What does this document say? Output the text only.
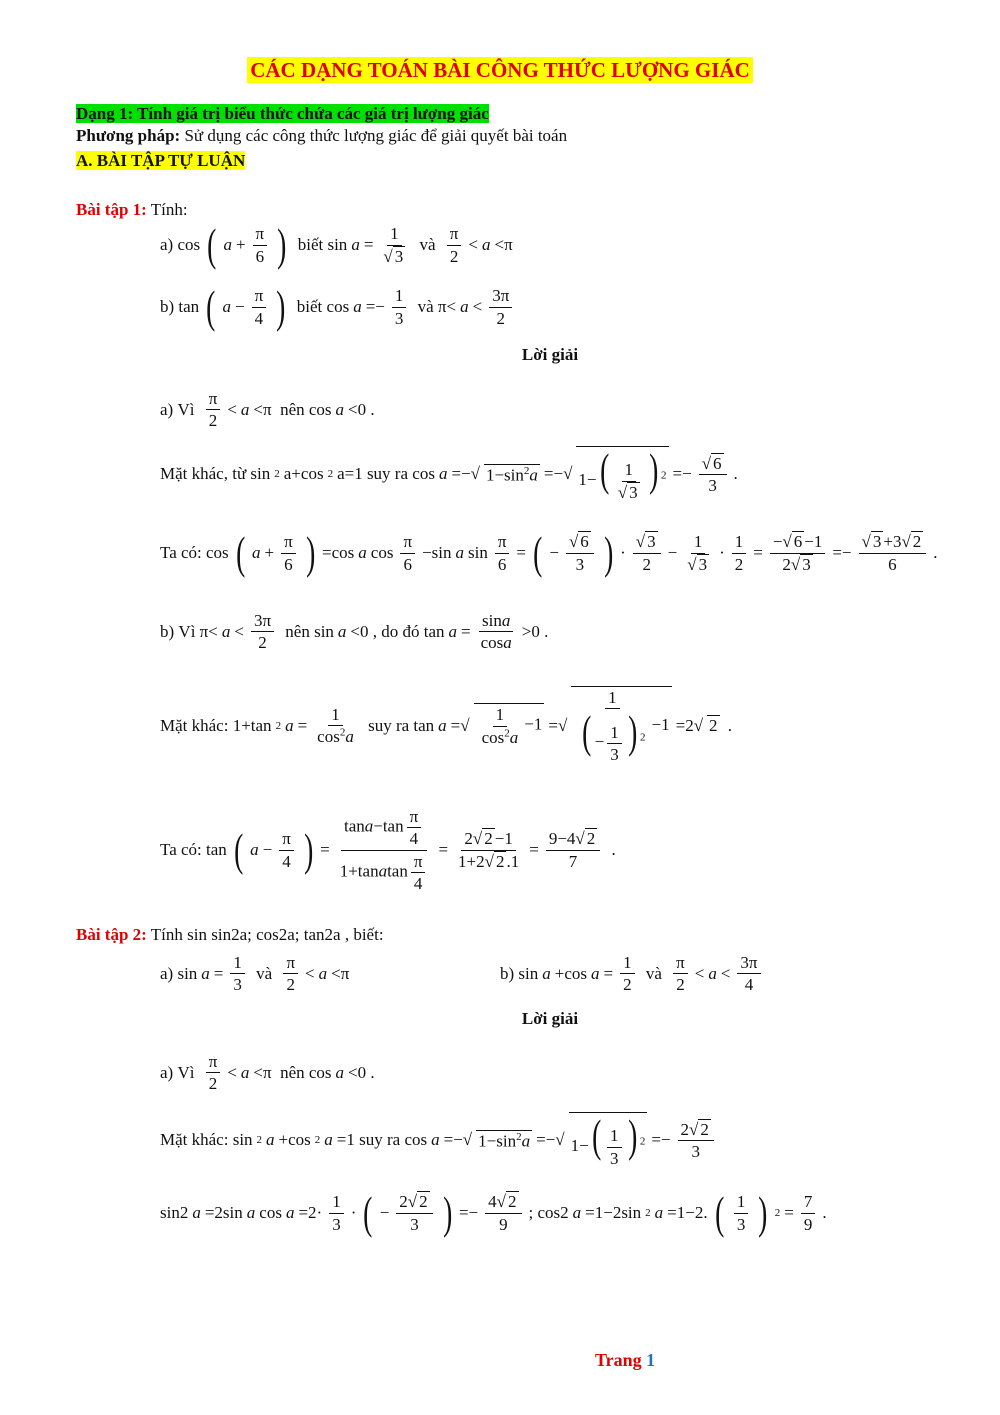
CÁC DẠNG TOÁN BÀI CÔNG THỨC LƯỢNG GIÁC
Dạng 1: Tính giá trị biểu thức chứa các giá trị lượng giác
Phương pháp: Sử dụng các công thức lượng giác để giải quyết bài toán
A. BÀI TẬP TỰ LUẬN
Bài tập 1: Tính:
a) cos ( $a + \frac{\pi}{6}$ ) biết $\sin a = \frac{1}{√ 3}$ và $\frac{\pi}{2} < a <\pi$
b) tan ( $a - \frac{\pi}{4}$ ) biết $\cos a =- \frac{1}{3}$ và $\pi< a < \frac{3\pi}{2}$
Lời giải
a) Vì $\frac{\pi}{2} < a <\pi$  nên cos a <0 .
Mặt khác, từ sin 2 a+cos 2 a=1 suy ra cos a =−√ $1-\sin^2a$ =−√ $1-( \frac{1}{√ 3}$ ) $^2 =- \frac{√ 6}{3}$ .
Ta có: cos ( $a + \frac{\pi}{6}$ ) =cos a $\cos \frac{\pi}{6} -\sin$ a $\sin \frac{\pi}{6}$ = ( − $\frac{√ 6}{3}$ ) · $\frac{√ 3}{2} - \frac{1}{√ 3} \cdot \frac{1}{2} = \frac{-√ 6 -1}{2√ 3} =- \frac{√ 3 +3√ 2}{6}$ .
b) Vì $\pi< a < \frac{3\pi}{2}$ nên sin a <0 , do đó $\tan a = \frac{\sin a}{\cos a} >0$ .
Mặt khác: 1+tan 2 $a = \frac{1}{\cos^2a}$ suy ra tan a =√ $\frac{1}{\cos^2a} -1$ =√ $\frac{1}{( - \frac{1}{3} ) ^2} -1 =2√$ 2 .
Ta có: tan ( $a - \frac{\pi}{4}$ ) = $\frac{\tan a-\tan \frac{\pi}{4}}{1+tanatan \frac{\pi}{4}} = \frac{2√ 2 -1}{1+2√ 2 .1} = \frac{9-4√ 2}{7}$ .
Bài tập 2: Tính sin sin2a; cos2a; tan2a , biết:
a) $\sin a = \frac{1}{3}$ và $\frac{\pi}{2} < a <\pi$	b) sin a +cos $a = \frac{1}{2}$ và $\frac{\pi}{2} < a < \frac{3\pi}{4}$
Lời giải
a) Vì $\frac{\pi}{2} < a <\pi$  nên cos a <0 .
Mặt khác: sin 2 a +cos 2 a =1 suy ra cos a =−√ $1-\sin^2a$ =−√ $1-( \frac{1}{3}$ ) $^2 =- \frac{2√ 2}{3}$
sin2 a =2sin a $\cos a =2\cdot \frac{1}{3}$ · ( − $\frac{2√ 2}{3}$ ) =− $\frac{4√ 2}{9}$ ; cos2 a =1−2sin 2 a =1−2. ( $\frac{1}{3}$ ) $2 = \frac{7}{9}$ .
Trang 1
